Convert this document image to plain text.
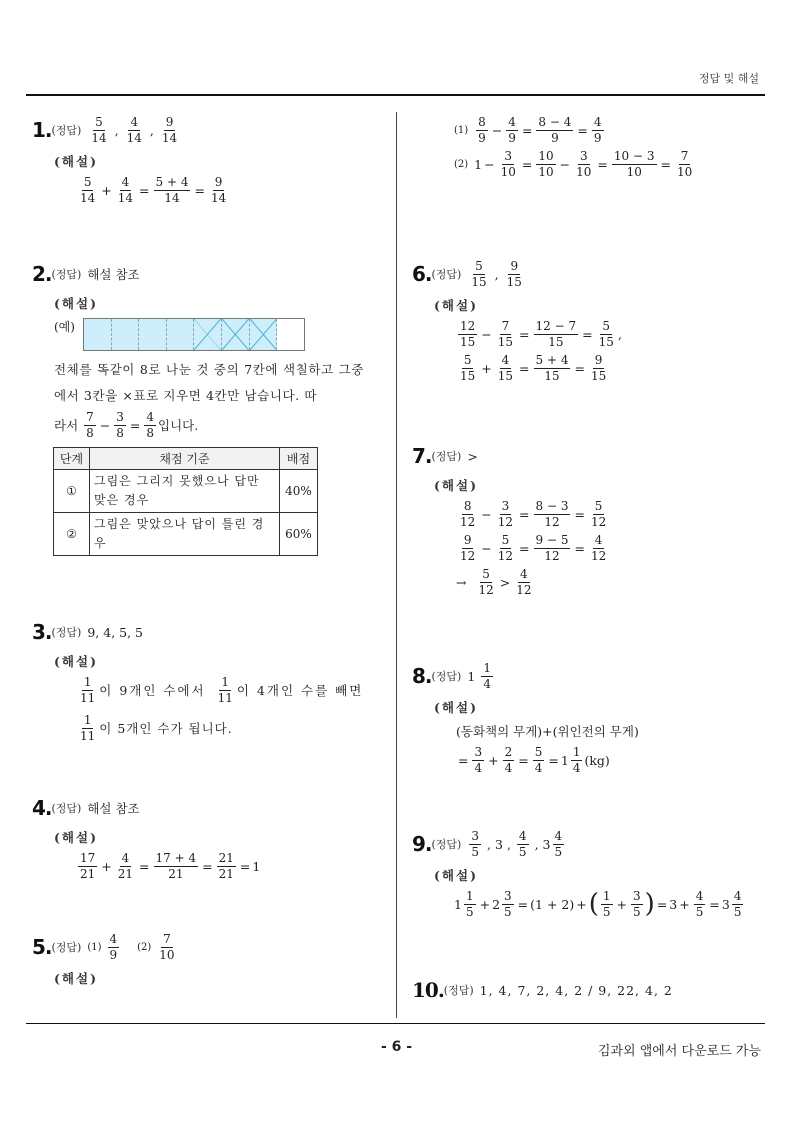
정답 및 해설
1. (정답) $\frac{5}{14}$ , $\frac{4}{14}$ , $\frac{9}{14}$
(해설)
$\frac{5}{14} + \frac{4}{14} = \frac{5 + 4}{14} = \frac{9}{14}$
2. (정답) 해설 참조
(해설)
(예)
전체를 똑같이 8로 나눈 것 중의 7칸에 색칠하고 그중에서 3칸을 ×표로 지우면 4칸만 남습니다. 따
라서
$\frac{7}{8} - \frac{3}{8} = \frac{4}{8}$ 입니다.
단계	채점 기준	배점
①	그림은 그리지 못했으나 답만 맞은 경우	40%
②	그림은 맞았으나 답이 틀린 경우	60%
3. (정답) 9, 4, 5, 5
(해설)
$\frac{1}{11}$ 이 9개인 수에서
$\frac{1}{11}$ 이 4개인 수를 빼면
$\frac{1}{11}$ 이 5개인 수가 됩니다.
4. (정답) 해설 참조
(해설)
$\frac{17}{21} + \frac{4}{21} = \frac{17 + 4}{21} = \frac{21}{21} = 1$
5. (정답) $(1) \frac{4}{9}$
$(2) \frac{7}{10}$
(해설)
$(1) \frac{8}{9} - \frac{4}{9} = \frac{8 - 4}{9} = \frac{4}{9}$
(2) $1 - \frac{3}{10} = \frac{10}{10} - \frac{3}{10} = \frac{10 - 3}{10} = \frac{7}{10}$
6. (정답) $\frac{5}{15}$ , $\frac{9}{15}$
(해설)
$\frac{12}{15} - \frac{7}{15} = \frac{12 - 7}{15} = \frac{5}{15}$ ,
$\frac{5}{15} + \frac{4}{15} = \frac{5 + 4}{15} = \frac{9}{15}$
7. (정답) >
(해설)
$\frac{8}{12} - \frac{3}{12} = \frac{8 - 3}{12} = \frac{5}{12}$
$\frac{9}{12} - \frac{5}{12} = \frac{9 - 5}{12} = \frac{4}{12}$
→
$\frac{5}{12} > \frac{4}{12}$
8. (정답) $1 \frac{1}{4}$
(해설)
(동화책의 무게)+(위인전의 무게)
= $\frac{3}{4} + \frac{2}{4} = \frac{5}{4} = 1 \frac{1}{4} (kg)$
9. (정답) $\frac{3}{5}$ , 3 , $\frac{4}{5}$ , $3 \frac{4}{5}$
(해설)
$1 \frac{1}{5} + 2 \frac{3}{5} = (1 + 2)$ + ( $\frac{1}{5} + \frac{3}{5}$ ) = $3 + \frac{4}{5} = 3 \frac{4}{5}$
10. (정답) 1, 4, 7, 2, 4, 2 / 9, 22, 4, 2
- 6 -	김과외 앱에서 다운로드 가능
